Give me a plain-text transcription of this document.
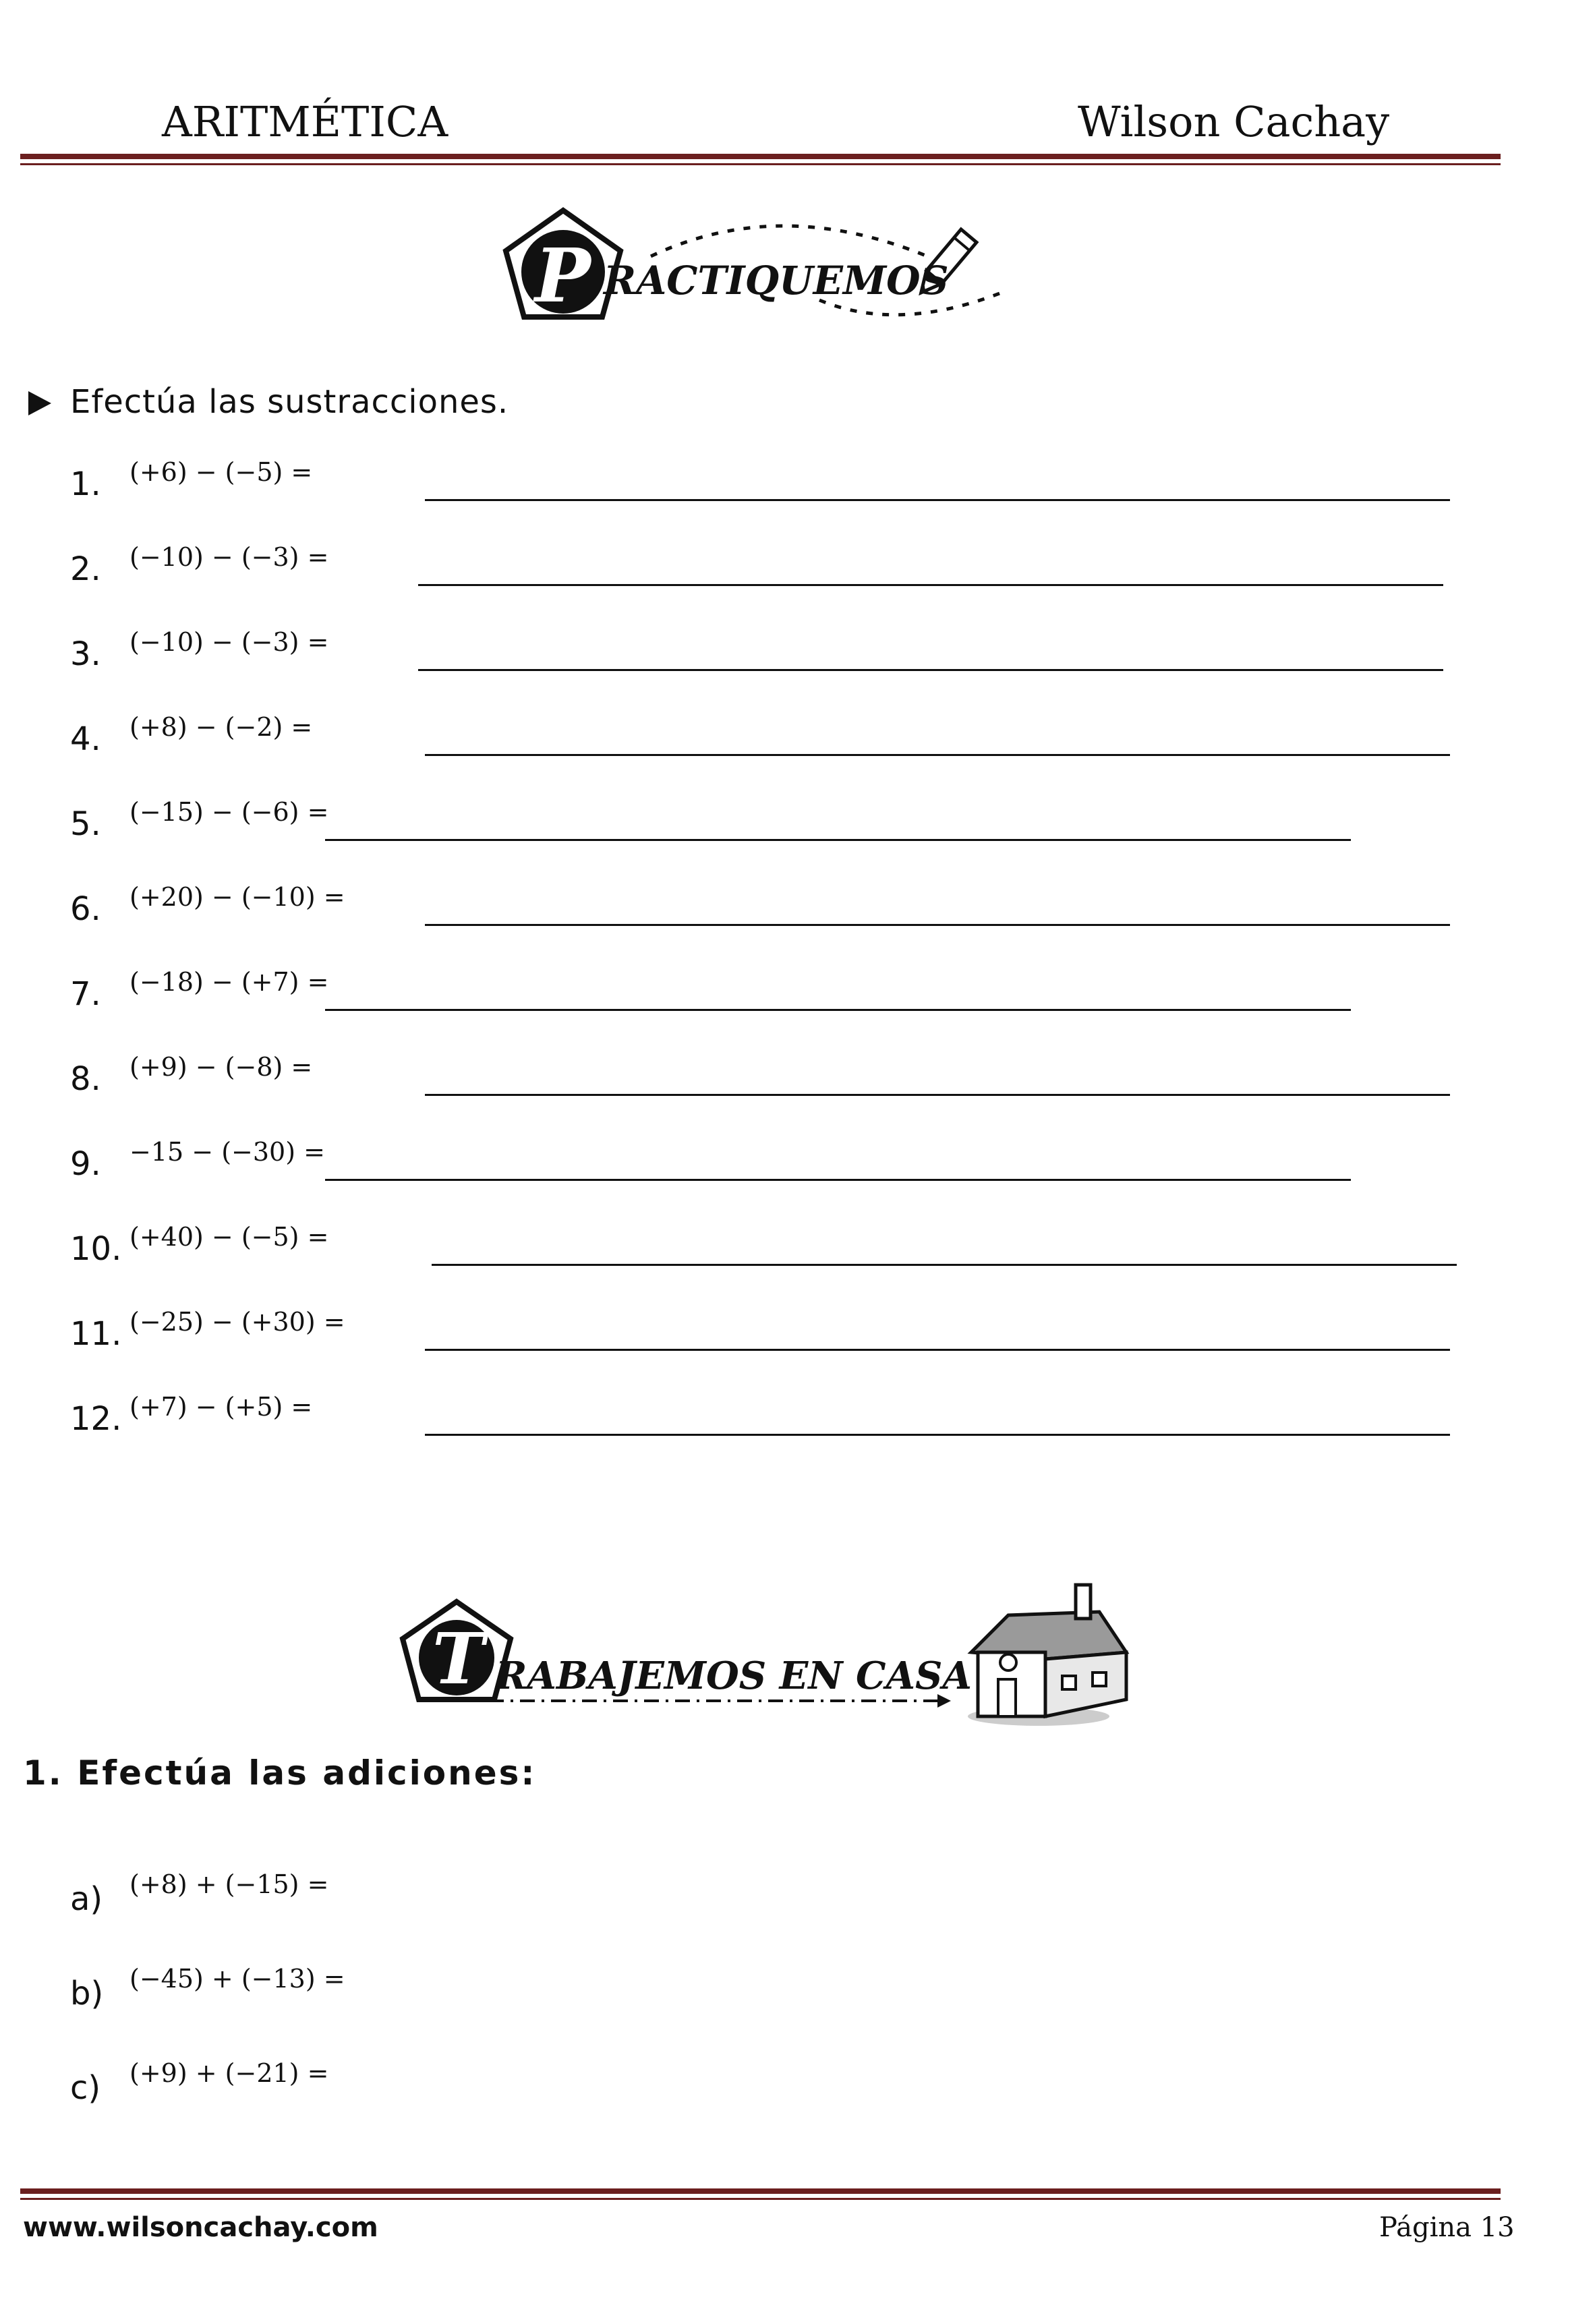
ARITMÉTICA	Wilson Cachay
P RACTIQUEMOS
Efectúa las sustracciones.
1. (+6) − (−5) =
2. (−10) − (−3) =
3. (−10) − (−3) =
4. (+8) − (−2) =
5. (−15) − (−6) =
6. (+20) − (−10) =
7. (−18) − (+7) =
8. (+9) − (−8) =
9. −15 − (−30) =
10. (+40) − (−5) =
11. (−25) − (+30) =
12. (+7) − (+5) =
T RABAJEMOS EN CASA
1. Efectúa las adiciones:
a) (+8) + (−15) =
b) (−45) + (−13) =
c) (+9) + (−21) =
www.wilsoncachay.com	Página 13
